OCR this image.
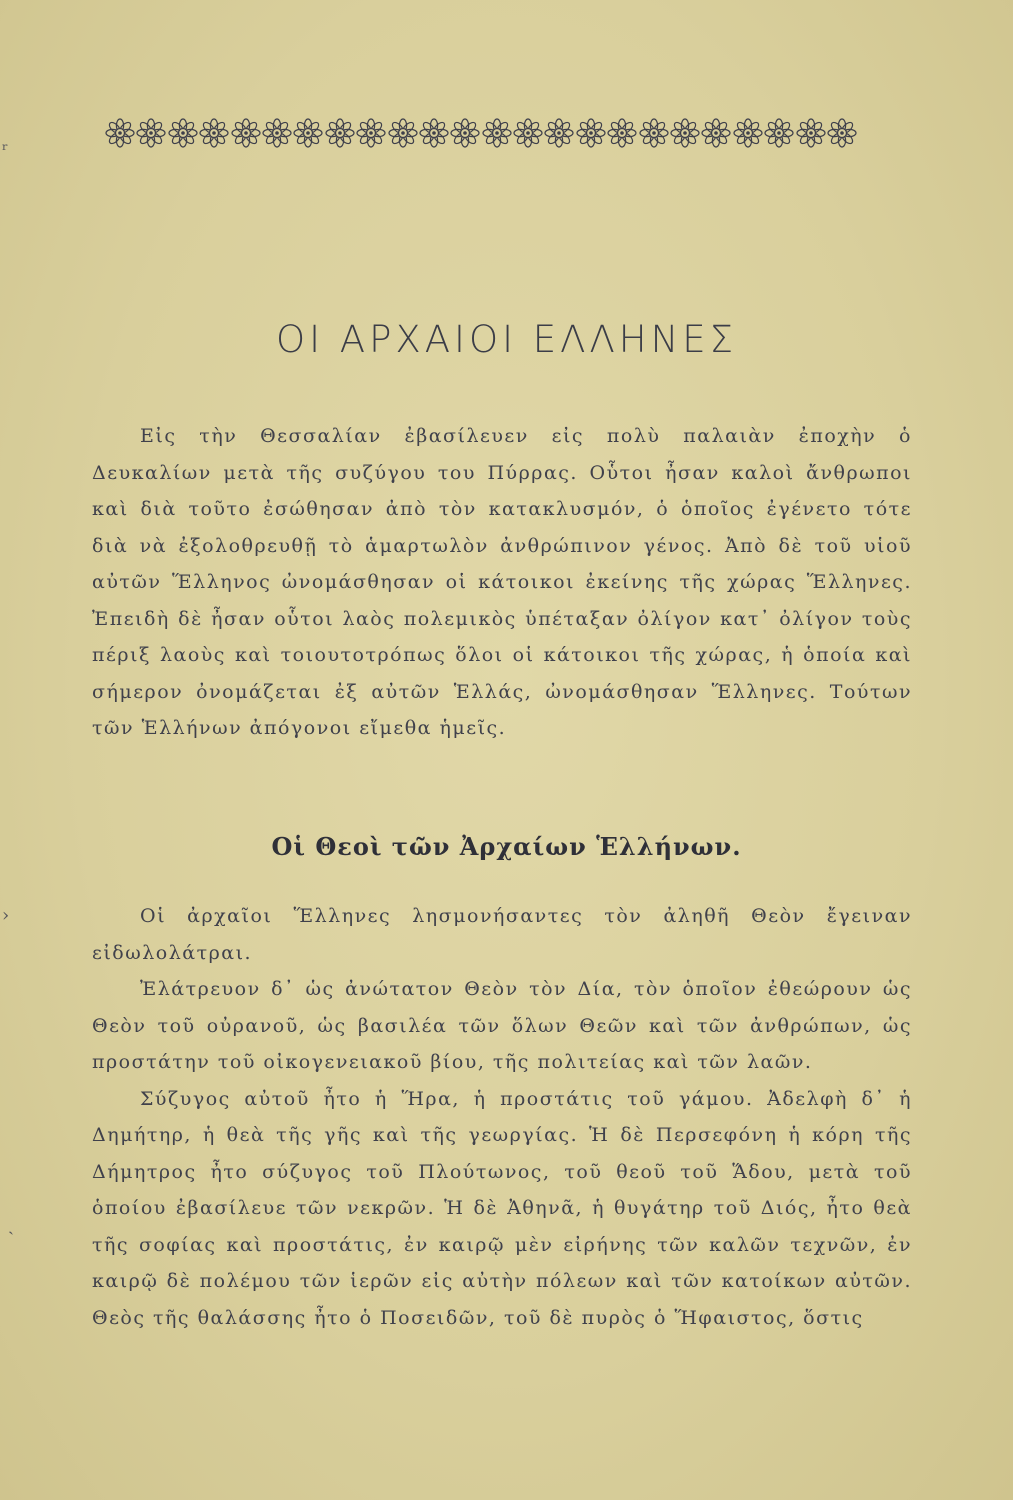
ΟΙ ΑΡΧΑΙΟΙ ΕΛΛΗΝΕΣ

Εἰς τὴν Θεσσαλίαν ἐβασίλευεν εἰς πολὺ παλαιὰν ἐποχὴν ὁ Δευκαλίων μετὰ τῆς συζύγου του Πύρρας. Οὗτοι ἦσαν καλοὶ ἄνθρωποι καὶ διὰ τοῦτο ἐσώθησαν ἀπὸ τὸν κατακλυσμόν, ὁ ὁποῖος ἐγένετο τότε διὰ νὰ ἐξολοθρευθῇ τὸ ἁμαρτωλὸν ἀνθρώπινον γένος. Ἀπὸ δὲ τοῦ υἱοῦ αὐτῶν Ἕλληνος ὠνομάσθησαν οἱ κάτοικοι ἐκείνης τῆς χώρας Ἕλληνες. Ἐπειδὴ δὲ ἦσαν οὗτοι λαὸς πολεμικὸς ὑπέταξαν ὀλίγον κατ᾽ ὀλίγον τοὺς πέριξ λαοὺς καὶ τοιουτοτρόπως ὅλοι οἱ κάτοικοι τῆς χώρας, ἡ ὁποία καὶ σήμερον ὀνομάζεται ἐξ αὐτῶν Ἑλλάς, ὠνομάσθησαν Ἕλληνες. Τούτων τῶν Ἑλλήνων ἀπόγονοι εἴμεθα ἡμεῖς.

Οἱ Θεοὶ τῶν Ἀρχαίων Ἑλλήνων.

Οἱ ἀρχαῖοι Ἕλληνες λησμονήσαντες τὸν ἀληθῆ Θεὸν ἔγειναν εἰδωλολάτραι.

Ἐλάτρευον δ᾽ ὡς ἀνώτατον Θεὸν τὸν Δία, τὸν ὁποῖον ἐθεώρουν ὡς Θεὸν τοῦ οὐρανοῦ, ὡς βασιλέα τῶν ὅλων Θεῶν καὶ τῶν ἀνθρώπων, ὡς προστάτην τοῦ οἰκογενειακοῦ βίου, τῆς πολιτείας καὶ τῶν λαῶν.

Σύζυγος αὐτοῦ ἦτο ἡ Ἥρα, ἡ προστάτις τοῦ γάμου. Ἀδελφὴ δ᾽ ἡ Δημήτηρ, ἡ θεὰ τῆς γῆς καὶ τῆς γεωργίας. Ἡ δὲ Περσεφόνη ἡ κόρη τῆς Δήμητρος ἦτο σύζυγος τοῦ Πλούτωνος, τοῦ θεοῦ τοῦ Ἅδου, μετὰ τοῦ ὁποίου ἐβασίλευε τῶν νεκρῶν. Ἡ δὲ Ἀθηνᾶ, ἡ θυγάτηρ τοῦ Διός, ἦτο θεὰ τῆς σοφίας καὶ προστάτις, ἐν καιρῷ μὲν εἰρήνης τῶν καλῶν τεχνῶν, ἐν καιρῷ δὲ πολέμου τῶν ἱερῶν εἰς αὐτὴν πόλεων καὶ τῶν κατοίκων αὐτῶν. Θεὸς τῆς θαλάσσης ἦτο ὁ Ποσειδῶν, τοῦ δὲ πυρὸς ὁ Ἥφαιστος, ὅστις

ʳ
›
˴
